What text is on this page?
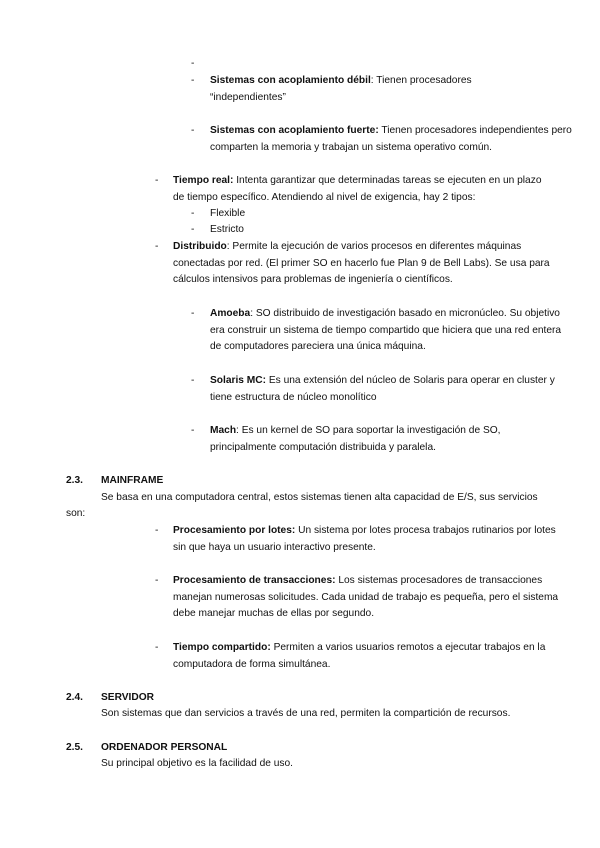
-
- Sistemas con acoplamiento débil: Tienen procesadores “independientes”
- Sistemas con acoplamiento fuerte: Tienen procesadores independientes pero comparten la memoria y trabajan un sistema operativo común.
- Tiempo real: Intenta garantizar que determinadas tareas se ejecuten en un plazo de tiempo específico. Atendiendo al nivel de exigencia, hay 2 tipos:
- Flexible
- Estricto
- Distribuido: Permite la ejecución de varios procesos en diferentes máquinas conectadas por red. (El primer SO en hacerlo fue Plan 9 de Bell Labs). Se usa para cálculos intensivos para problemas de ingeniería o científicos.
- Amoeba: SO distribuido de investigación basado en micronúcleo. Su objetivo era construir un sistema de tiempo compartido que hiciera que una red entera de computadores pareciera una única máquina.
- Solaris MC: Es una extensión del núcleo de Solaris para operar en cluster y tiene estructura de núcleo monolítico
- Mach: Es un kernel de SO para soportar la investigación de SO, principalmente computación distribuida y paralela.
2.3. MAINFRAME
Se basa en una computadora central, estos sistemas tienen alta capacidad de E/S, sus servicios
son:
- Procesamiento por lotes: Un sistema por lotes procesa trabajos rutinarios por lotes sin que haya un usuario interactivo presente.
- Procesamiento de transacciones: Los sistemas procesadores de transacciones manejan numerosas solicitudes. Cada unidad de trabajo es pequeña, pero el sistema debe manejar muchas de ellas por segundo.
- Tiempo compartido: Permiten a varios usuarios remotos a ejecutar trabajos en la computadora de forma simultánea.
2.4. SERVIDOR
Son sistemas que dan servicios a través de una red, permiten la compartición de recursos.
2.5. ORDENADOR PERSONAL
Su principal objetivo es la facilidad de uso.
